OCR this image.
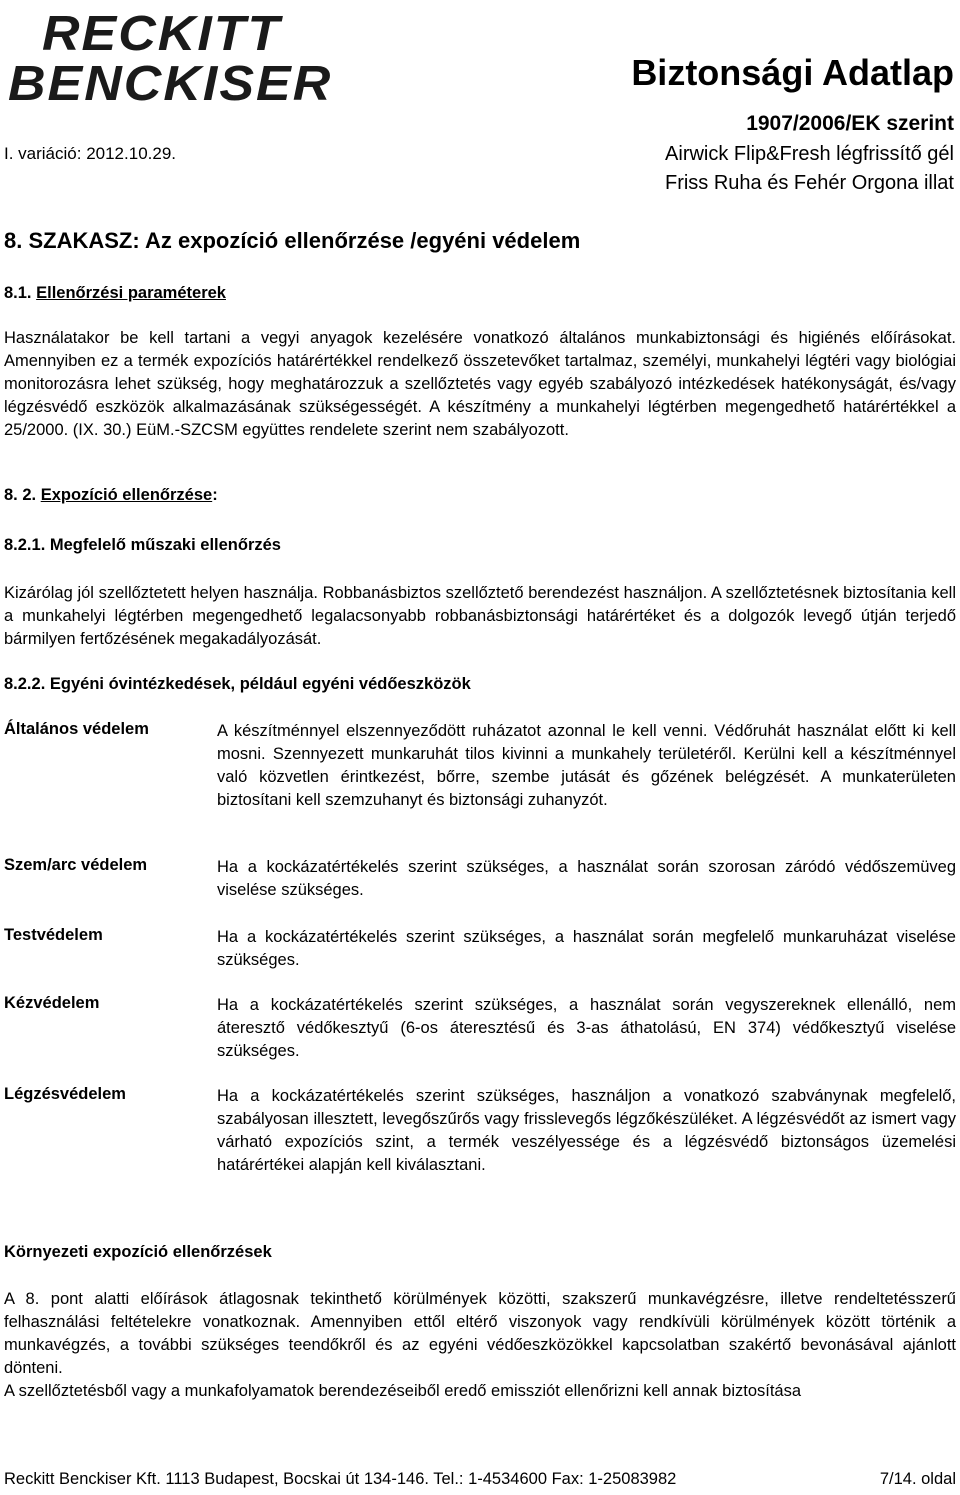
RECKITT
BENCKISER
I. variáció: 2012.10.29.
Biztonsági Adatlap
1907/2006/EK szerint
Airwick Flip&Fresh légfrissítő gél
Friss Ruha és Fehér Orgona illat
8. SZAKASZ: Az expozíció ellenőrzése /egyéni védelem
8.1. Ellenőrzési paraméterek

Használatakor be kell tartani a vegyi anyagok kezelésére vonatkozó általános munkabiztonsági és higiénés előírásokat. Amennyiben ez a termék expozíciós határértékkel rendelkező összetevőket tartalmaz, személyi, munkahelyi légtéri vagy biológiai monitorozásra lehet szükség, hogy meghatározzuk a szellőztetés vagy egyéb szabályozó intézkedések hatékonyságát, és/vagy légzésvédő eszközök alkalmazásának szükségességét. A készítmény a munkahelyi légtérben megengedhető határértékkel a 25/2000. (IX. 30.) EüM.-SZCSM együttes rendelete szerint nem szabályozott.

8. 2. Expozíció ellenőrzése:
8.2.1. Megfelelő műszaki ellenőrzés

Kizárólag jól szellőztetett helyen használja. Robbanásbiztos szellőztető berendezést használjon. A szellőztetésnek biztosítania kell a munkahelyi légtérben megengedhető legalacsonyabb robbanásbiztonsági határértéket és a dolgozók levegő útján terjedő bármilyen fertőzésének megakadályozását.

8.2.2. Egyéni óvintézkedések, például egyéni védőeszközök
Általános védelem	A készítménnyel elszennyeződött ruházatot azonnal le kell venni. Védőruhát használat előtt ki kell mosni. Szennyezett munkaruhát tilos kivinni a munkahely területéről. Kerülni kell a készítménnyel való közvetlen érintkezést, bőrre, szembe jutását és gőzének belégzését. A munkaterületen biztosítani kell szemzuhanyt és biztonsági zuhanyzót.

Szem/arc védelem	Ha a kockázatértékelés szerint szükséges, a használat során szorosan záródó védőszemüveg viselése szükséges.

Testvédelem	Ha a kockázatértékelés szerint szükséges, a használat során megfelelő munkaruházat viselése szükséges.

Kézvédelem	Ha a kockázatértékelés szerint szükséges, a használat során vegyszereknek ellenálló, nem áteresztő védőkesztyű (6-os áteresztésű és 3-as áthatolású, EN 374) védőkesztyű viselése szükséges.

Légzésvédelem	Ha a kockázatértékelés szerint szükséges, használjon a vonatkozó szabványnak megfelelő, szabályosan illesztett, levegőszűrős vagy frisslevegős légzőkészüléket. A légzésvédőt az ismert vagy várható expozíciós szint, a termék veszélyessége és a légzésvédő biztonságos üzemelési határértékei alapján kell kiválasztani.

Környezeti expozíció ellenőrzések

A 8. pont alatti előírások átlagosnak tekinthető körülmények közötti, szakszerű munkavégzésre, illetve rendeltetésszerű felhasználási feltételekre vonatkoznak. Amennyiben ettől eltérő viszonyok vagy rendkívüli körülmények között történik a munkavégzés, a további szükséges teendőkről és az egyéni védőeszközökkel kapcsolatban szakértő bevonásával ajánlott dönteni.

A szellőztetésből vagy a munkafolyamatok berendezéseiből eredő emissziót ellenőrizni kell annak biztosítása

Reckitt Benckiser Kft. 1113 Budapest, Bocskai út 134-146. Tel.: 1-4534600 Fax: 1-25083982	7/14. oldal
